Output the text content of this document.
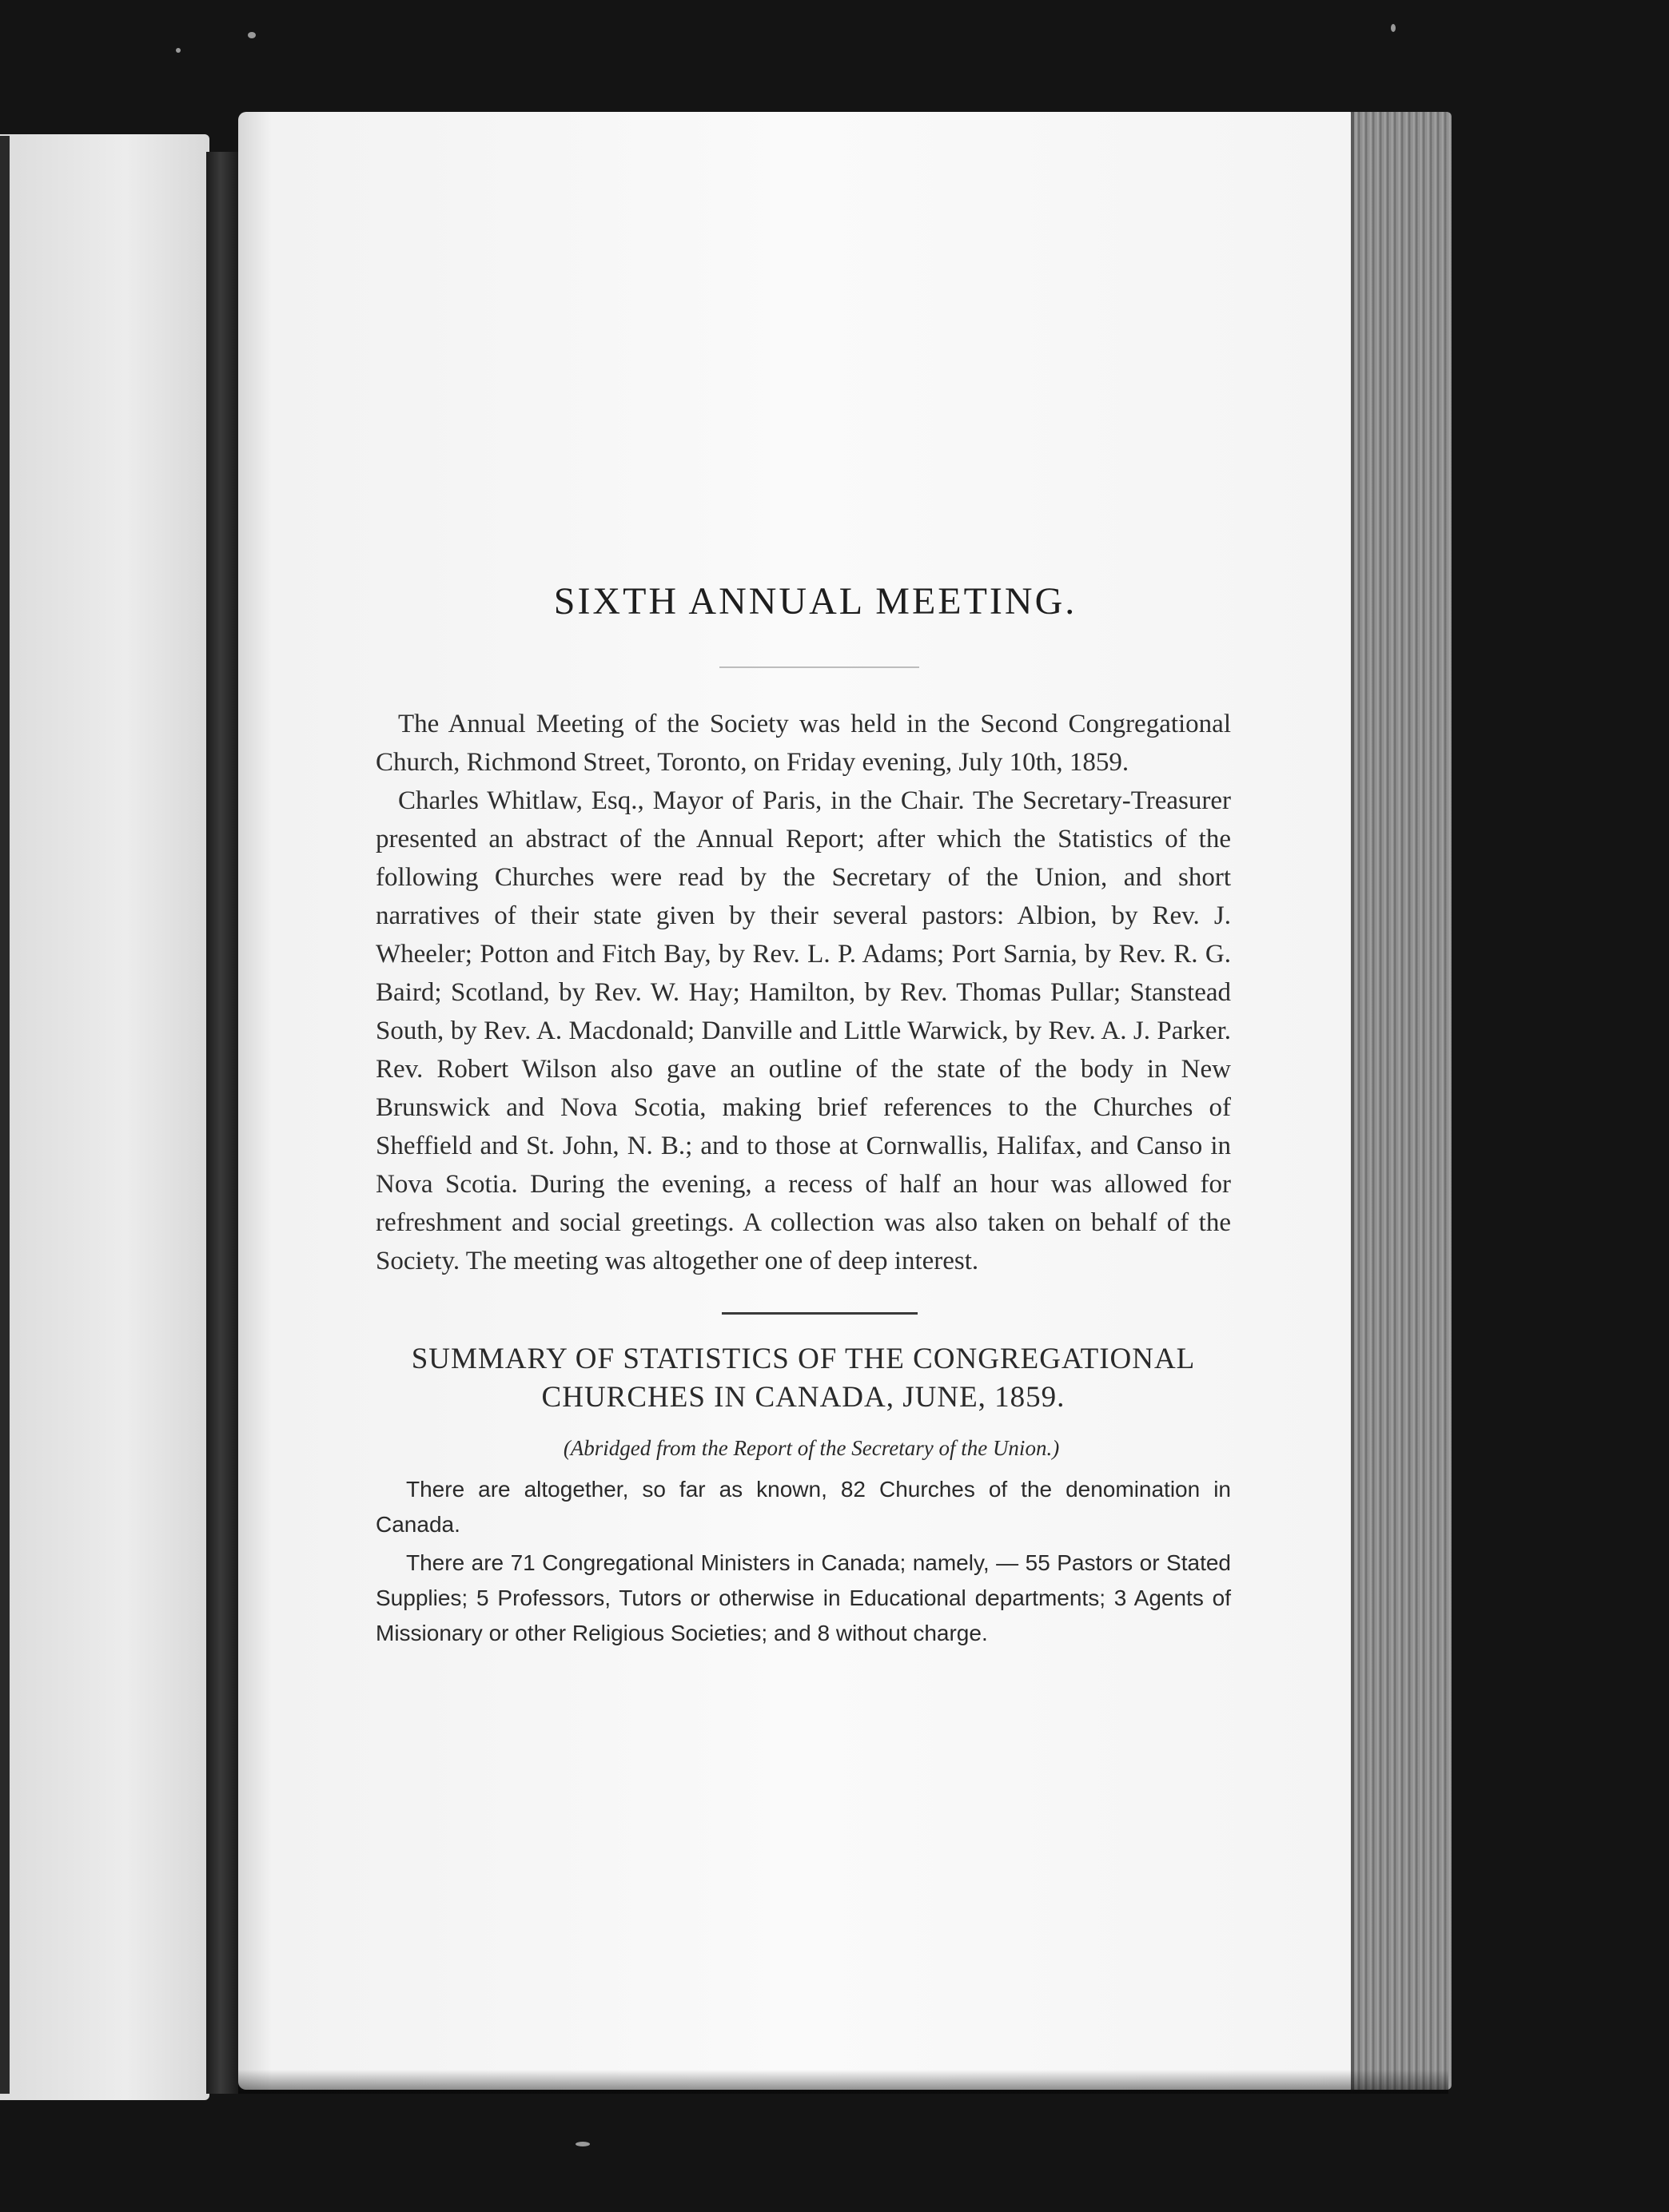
SIXTH ANNUAL MEETING.

The Annual Meeting of the Society was held in the Second Congregational Church, Richmond Street, Toronto, on Friday evening, July 10th, 1859.

Charles Whitlaw, Esq., Mayor of Paris, in the Chair. The Secretary-Treasurer presented an abstract of the Annual Report; after which the Statistics of the following Churches were read by the Secretary of the Union, and short narratives of their state given by their several pastors: Albion, by Rev. J. Wheeler; Potton and Fitch Bay, by Rev. L. P. Adams; Port Sarnia, by Rev. R. G. Baird; Scotland, by Rev. W. Hay; Hamilton, by Rev. Thomas Pullar; Stanstead South, by Rev. A. Macdonald; Danville and Little Warwick, by Rev. A. J. Parker. Rev. Robert Wilson also gave an outline of the state of the body in New Brunswick and Nova Scotia, making brief references to the Churches of Sheffield and St. John, N. B.; and to those at Cornwallis, Halifax, and Canso in Nova Scotia. During the evening, a recess of half an hour was allowed for refreshment and social greetings. A collection was also taken on behalf of the Society. The meeting was altogether one of deep interest.

SUMMARY OF STATISTICS OF THE CONGREGATIONAL
CHURCHES IN CANADA, JUNE, 1859.

(Abridged from the Report of the Secretary of the Union.)

There are altogether, so far as known, 82 Churches of the denomination in Canada.

There are 71 Congregational Ministers in Canada; namely, — 55 Pastors or Stated Supplies; 5 Professors, Tutors or otherwise in Educational departments; 3 Agents of Missionary or other Religious Societies; and 8 without charge.
